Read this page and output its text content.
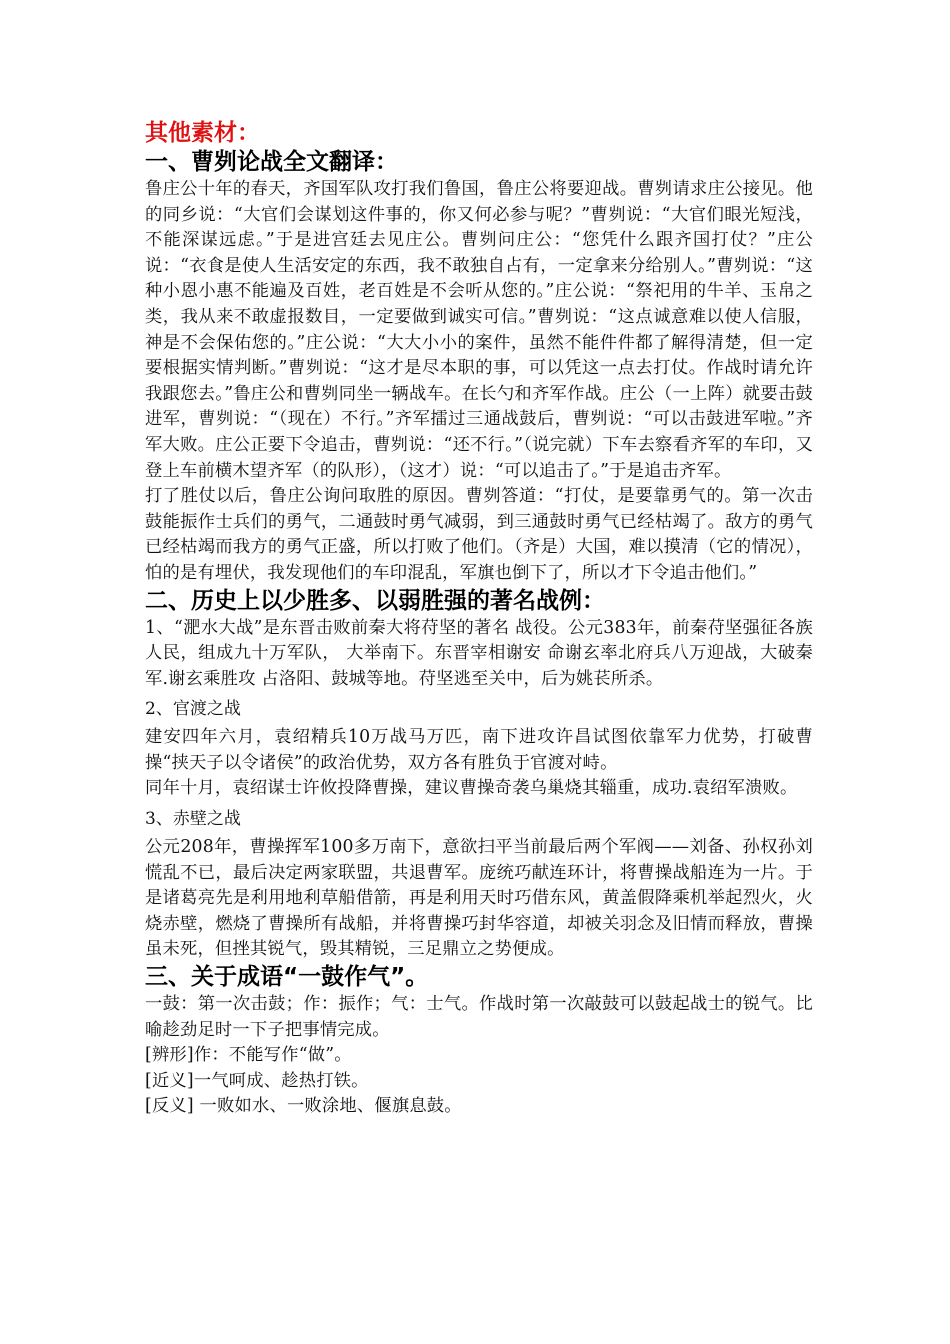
其他素材：
一、曹刿论战全文翻译：

鲁庄公十年的春天，齐国军队攻打我们鲁国，鲁庄公将要迎战。曹刿请求庄公接见。他的同乡说：“大官们会谋划这件事的，你又何必参与呢？”曹刿说：“大官们眼光短浅，不能深谋远虑。”于是进宫廷去见庄公。曹刿问庄公：“您凭什么跟齐国打仗？”庄公说：“衣食是使人生活安定的东西，我不敢独自占有，一定拿来分给别人。”曹刿说：“这种小恩小惠不能遍及百姓，老百姓是不会听从您的。”庄公说：“祭祀用的牛羊、玉帛之类，我从来不敢虚报数目，一定要做到诚实可信。”曹刿说：“这点诚意难以使人信服，神是不会保佑您的。”庄公说：“大大小小的案件，虽然不能件件都了解得清楚，但一定要根据实情判断。”曹刿说：“这才是尽本职的事，可以凭这一点去打仗。作战时请允许我跟您去。”鲁庄公和曹刿同坐一辆战车。在长勺和齐军作战。庄公（一上阵）就要击鼓进军，曹刿说：“（现在）不行。”齐军擂过三通战鼓后，曹刿说：“可以击鼓进军啦。”齐军大败。庄公正要下令追击，曹刿说：“还不行。”（说完就）下车去察看齐军的车印，又登上车前横木望齐军（的队形），（这才）说：“可以追击了。”于是追击齐军。

打了胜仗以后，鲁庄公询问取胜的原因。曹刿答道：“打仗，是要靠勇气的。第一次击鼓能振作士兵们的勇气，二通鼓时勇气减弱，到三通鼓时勇气已经枯竭了。敌方的勇气已经枯竭而我方的勇气正盛，所以打败了他们。（齐是）大国，难以摸清（它的情况），怕的是有埋伏，我发现他们的车印混乱，军旗也倒下了，所以才下令追击他们。”

二、历史上以少胜多、以弱胜强的著名战例：

1、“淝水大战”是东晋击败前秦大将苻坚的著名 战役。公元383年，前秦苻坚强征各族人民，组成九十万军队， 大举南下。东晋宰相谢安 命谢玄率北府兵八万迎战，大破秦军.谢玄乘胜攻 占洛阳、鼓城等地。苻坚逃至关中，后为姚苌所杀。

2、官渡之战

建安四年六月，袁绍精兵10万战马万匹，南下进攻许昌试图依靠军力优势，打破曹操“挟天子以令诸侯”的政治优势，双方各有胜负于官渡对峙。

同年十月，袁绍谋士许攸投降曹操，建议曹操奇袭乌巢烧其辎重，成功.袁绍军溃败。

3、赤壁之战

公元208年，曹操挥军100多万南下，意欲扫平当前最后两个军阀——刘备、孙权孙刘慌乱不已，最后决定两家联盟，共退曹军。庞统巧献连环计，将曹操战船连为一片。于是诸葛亮先是利用地利草船借箭，再是利用天时巧借东风，黄盖假降乘机举起烈火，火烧赤壁，燃烧了曹操所有战船，并将曹操巧封华容道，却被关羽念及旧情而释放，曹操虽未死，但挫其锐气，毁其精锐，三足鼎立之势便成。

三、关于成语“一鼓作气”。

一鼓：第一次击鼓；作：振作；气：士气。作战时第一次敲鼓可以鼓起战士的锐气。比喻趁劲足时一下子把事情完成。

[辨形]作：不能写作“做”。

[近义]一气呵成、趁热打铁。

[反义] 一败如水、一败涂地、偃旗息鼓。
